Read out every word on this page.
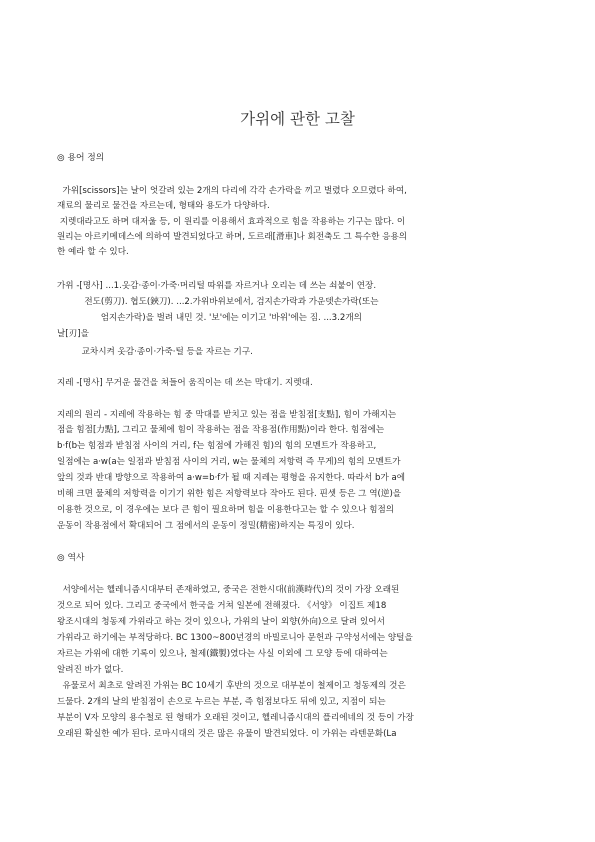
가위에 관한 고찰
◎ 용어 정의
가위[scissors]는 날이 엇갈려 있는 2개의 다리에 각각 손가락을 끼고 벌렸다 오므렸다 하여,
재료의 물리로 물건을 자르는데, 형태와 용도가 다양하다.
지렛대라고도 하며 대저울 등, 이 원리를 이용해서 효과적으로 힘을 작용하는 기구는 많다. 이
원리는 아르키메데스에 의하여 발견되었다고 하며, 도르래[滑車]나 회전축도 그 특수한 응용의
한 예라 할 수 있다.
가위 -[명사] ...1.옷감·종이·가죽·머리털 따위를 자르거나 오리는 데 쓰는 쇠붙이 연장.
전도(剪刀). 협도(鋏刀). ...2.가위바위보에서, 검지손가락과 가운뎃손가락(또는
엄지손가락)을 벌려 내민 것. '보'에는 이기고 '바위'에는 짐. ...3.2개의
날[刃]을
교차시켜 옷감·종이·가죽·털 등을 자르는 기구.
지레 -[명사] 무거운 물건을 쳐들어 움직이는 데 쓰는 막대기. 지렛대.
지레의 원리 - 지레에 작용하는 힘 중 막대를 받치고 있는 점을 받침점[支點], 힘이 가해지는
점을 힘점[力點], 그리고 물체에 힘이 작용하는 점을 작용점(作用點)이라 한다. 힘점에는
b·f(b는 힘점과 받침점 사이의 거리, f는 힘점에 가해진 힘)의 힘의 모멘트가 작용하고,
일점에는 a·w(a는 일점과 받침점 사이의 거리, w는 물체의 저항력 즉 무게)의 힘의 모멘트가
앞의 것과 반대 방향으로 작용하여 a·w=b·f가 될 때 지레는 평형을 유지한다. 따라서 b가 a에
비해 크면 물체의 저항력을 이기기 위한 힘은 저항력보다 작아도 된다. 핀셋 등은 그 역(逆)을
이용한 것으로, 이 경우에는 보다 큰 힘이 필요하며 힘을 이용한다고는 할 수 있으나 힘점의
운동이 작용점에서 확대되어 그 점에서의 운동이 정밀(精密)하지는 특징이 있다.
◎ 역사
서양에서는 헬레니즘시대부터 존재하였고, 중국은 전한시대(前漢時代)의 것이 가장 오래된
것으로 되어 있다. 그리고 중국에서 한국을 거쳐 일본에 전해졌다. 《서양》 이집트 제18
왕조시대의 청동제 가위라고 하는 것이 있으나, 가위의 날이 외향(外向)으로 달려 있어서
가위라고 하기에는 부적당하다. BC 1300~800년경의 바빌로니아 문헌과 구약성서에는 양털을
자르는 가위에 대한 기록이 있으나, 철제(鐵製)였다는 사실 이외에 그 모양 등에 대하여는
알려진 바가 없다.
유물로서 최초로 알려진 가위는 BC 10세기 후반의 것으로 대부분이 철제이고 청동제의 것은
드물다. 2개의 날의 받침점이 손으로 누르는 부분, 즉 힘점보다도 뒤에 있고, 지점이 되는
부분이 V자 모양의 용수철로 된 형태가 오래된 것이고, 헬레니즘시대의 플리에네의 것 등이 가장
오래된 확실한 예가 된다. 로마시대의 것은 많은 유물이 발견되었다. 이 가위는 라텐문화(La
